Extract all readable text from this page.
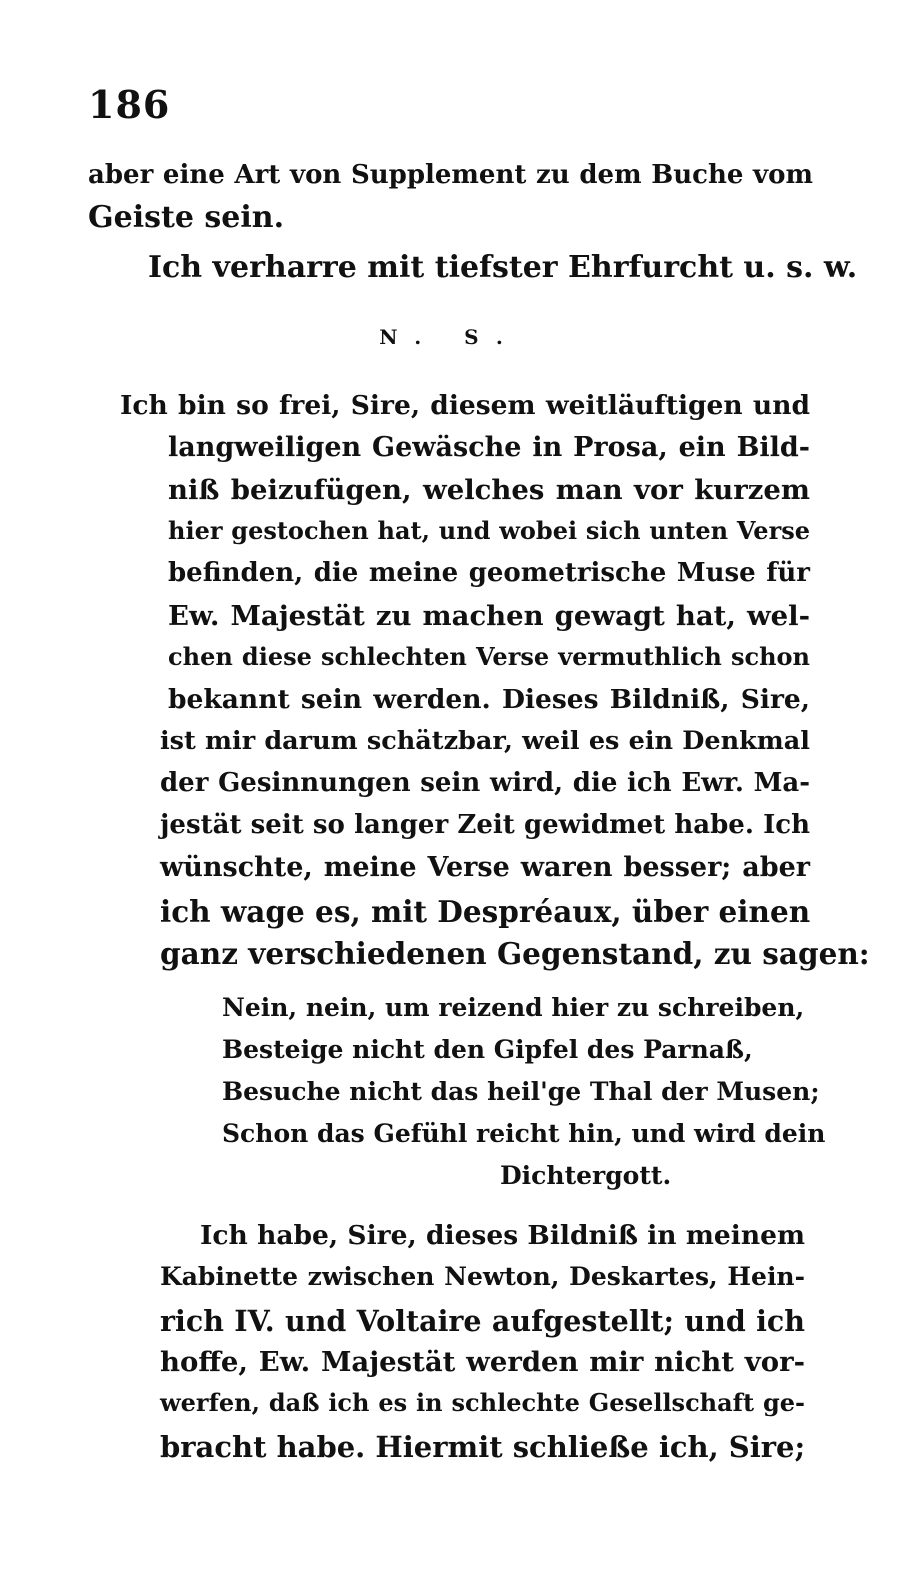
186
aber eine Art von Supplement zu dem Buche vom
Geiste sein.
Ich verharre mit tiefster Ehrfurcht u. s. w.
N. S.
Ich bin so frei, Sire, diesem weitläuftigen und
langweiligen Gewäsche in Prosa, ein Bild-
niß beizufügen, welches man vor kurzem
hier gestochen hat, und wobei sich unten Verse
befinden, die meine geometrische Muse für
Ew. Majestät zu machen gewagt hat, wel-
chen diese schlechten Verse vermuthlich schon
bekannt sein werden. Dieses Bildniß, Sire,
ist mir darum schätzbar, weil es ein Denkmal
der Gesinnungen sein wird, die ich Ewr. Ma-
jestät seit so langer Zeit gewidmet habe. Ich
wünschte, meine Verse waren besser; aber
ich wage es, mit Despréaux, über einen
ganz verschiedenen Gegenstand, zu sagen:
Nein, nein, um reizend hier zu schreiben,
Besteige nicht den Gipfel des Parnaß,
Besuche nicht das heil'ge Thal der Musen;
Schon das Gefühl reicht hin, und wird dein
Dichtergott.
Ich habe, Sire, dieses Bildniß in meinem
Kabinette zwischen Newton, Deskartes, Hein-
rich IV. und Voltaire aufgestellt; und ich
hoffe, Ew. Majestät werden mir nicht vor-
werfen, daß ich es in schlechte Gesellschaft ge-
bracht habe. Hiermit schließe ich, Sire;
